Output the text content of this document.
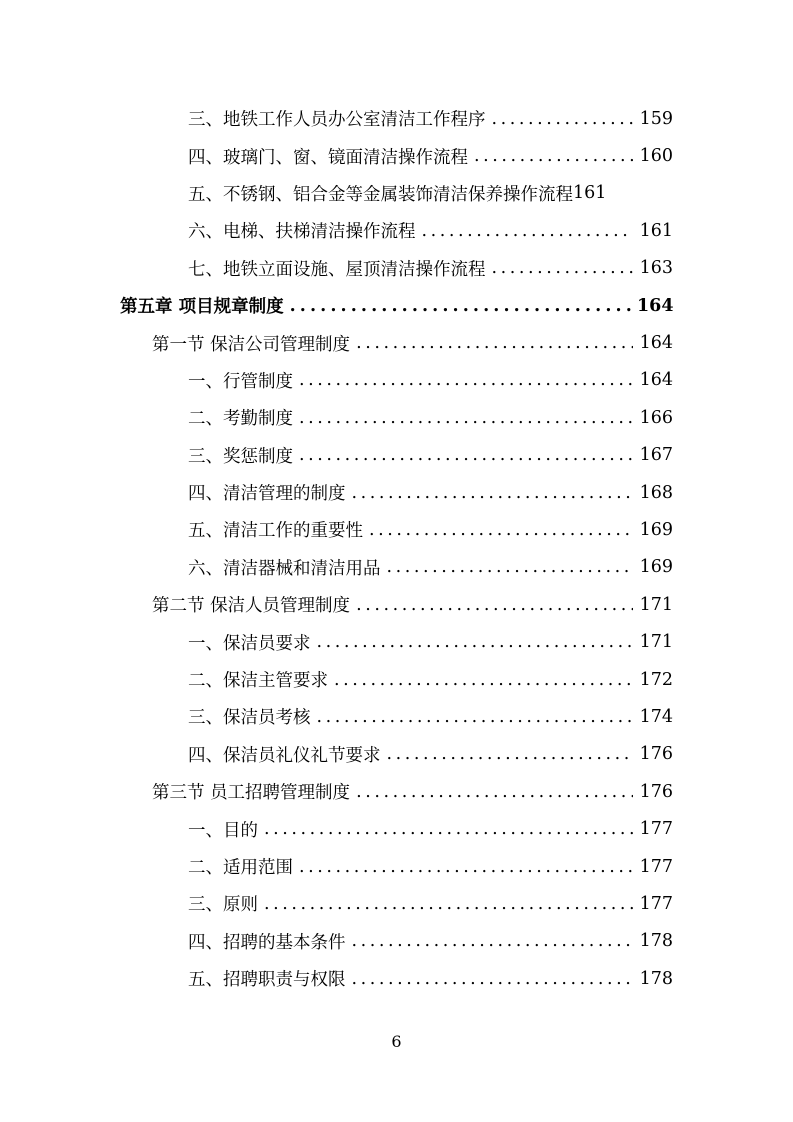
三、地铁工作人员办公室清洁工作程序 . . .	159
四、玻璃门、窗、镜面清洁操作流程 . . .	160
五、不锈钢、铝合金等金属装饰清洁保养操作流程 161
六、电梯、扶梯清洁操作流程 . . .	161
七、地铁立面设施、屋顶清洁操作流程 . . .	163
第五章 项目规章制度 . . .	164
第一节 保洁公司管理制度 . . .	164
一、行管制度 . . .	164
二、考勤制度 . . .	166
三、奖惩制度 . . .	167
四、清洁管理的制度 . . .	168
五、清洁工作的重要性 . . .	169
六、清洁器械和清洁用品 . . .	169
第二节 保洁人员管理制度 . . .	171
一、保洁员要求 . . .	171
二、保洁主管要求 . . .	172
三、保洁员考核 . . .	174
四、保洁员礼仪礼节要求 . . .	176
第三节 员工招聘管理制度 . . .	176
一、目的 . . .	177
二、适用范围 . . .	177
三、原则 . . .	177
四、招聘的基本条件 . . .	178
五、招聘职责与权限 . . .	178
6
